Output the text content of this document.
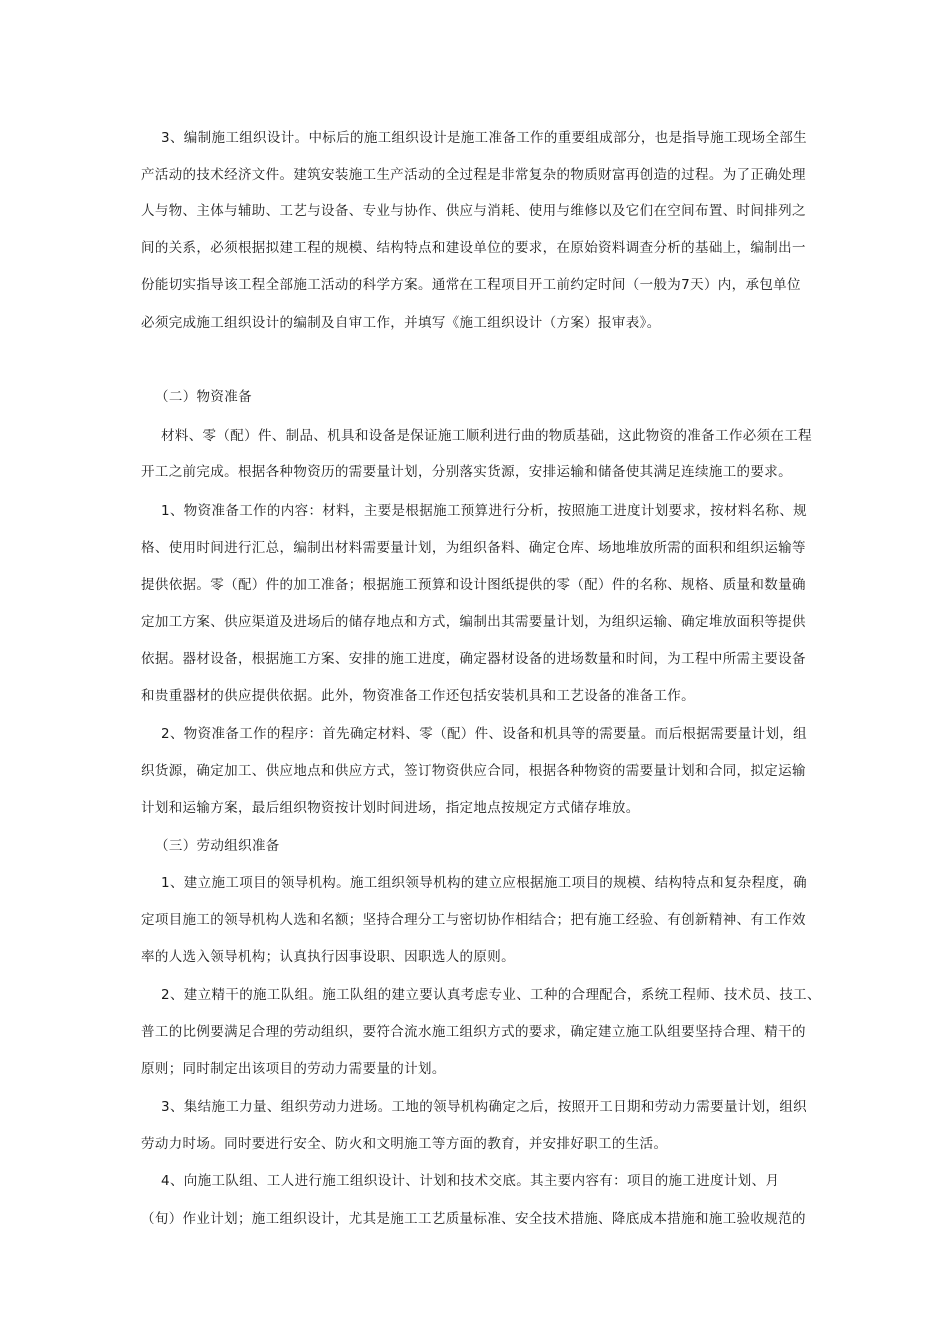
3、编制施工组织设计。中标后的施工组织设计是施工准备工作的重要组成部分，也是指导施工现场全部生
产活动的技术经济文件。建筑安装施工生产活动的全过程是非常复杂的物质财富再创造的过程。为了正确处理
人与物、主体与辅助、工艺与设备、专业与协作、供应与消耗、使用与维修以及它们在空间布置、时间排列之
间的关系，必须根据拟建工程的规模、结构特点和建设单位的要求，在原始资料调查分析的基础上，编制出一
份能切实指导该工程全部施工活动的科学方案。通常在工程项目开工前约定时间（一般为7天）内，承包单位
必须完成施工组织设计的编制及自审工作，并填写《施工组织设计（方案）报审表》。
（二）物资准备
材料、零（配）件、制品、机具和设备是保证施工顺利进行曲的物质基础，这此物资的准备工作必须在工程
开工之前完成。根据各种物资历的需要量计划，分别落实货源，安排运输和储备使其满足连续施工的要求。
1、物资准备工作的内容：材料，主要是根据施工预算进行分析，按照施工进度计划要求，按材料名称、规
格、使用时间进行汇总，编制出材料需要量计划，为组织备料、确定仓库、场地堆放所需的面积和组织运输等
提供依据。零（配）件的加工准备；根据施工预算和设计图纸提供的零（配）件的名称、规格、质量和数量确
定加工方案、供应渠道及进场后的储存地点和方式，编制出其需要量计划，为组织运输、确定堆放面积等提供
依据。器材设备，根据施工方案、安排的施工进度，确定器材设备的进场数量和时间，为工程中所需主要设备
和贵重器材的供应提供依据。此外，物资准备工作还包括安装机具和工艺设备的准备工作。
2、物资准备工作的程序：首先确定材料、零（配）件、设备和机具等的需要量。而后根据需要量计划，组
织货源，确定加工、供应地点和供应方式，签订物资供应合同，根据各种物资的需要量计划和合同，拟定运输
计划和运输方案，最后组织物资按计划时间进场，指定地点按规定方式储存堆放。
（三）劳动组织准备
1、建立施工项目的领导机构。施工组织领导机构的建立应根据施工项目的规模、结构特点和复杂程度，确
定项目施工的领导机构人选和名额；坚持合理分工与密切协作相结合；把有施工经验、有创新精神、有工作效
率的人选入领导机构；认真执行因事设职、因职选人的原则。
2、建立精干的施工队组。施工队组的建立要认真考虑专业、工种的合理配合，系统工程师、技术员、技工、
普工的比例要满足合理的劳动组织，要符合流水施工组织方式的要求，确定建立施工队组要坚持合理、精干的
原则；同时制定出该项目的劳动力需要量的计划。
3、集结施工力量、组织劳动力进场。工地的领导机构确定之后，按照开工日期和劳动力需要量计划，组织
劳动力时场。同时要进行安全、防火和文明施工等方面的教育，并安排好职工的生活。
4、向施工队组、工人进行施工组织设计、计划和技术交底。其主要内容有：项目的施工进度计划、月
（旬）作业计划；施工组织设计，尤其是施工工艺质量标准、安全技术措施、降底成本措施和施工验收规范的
